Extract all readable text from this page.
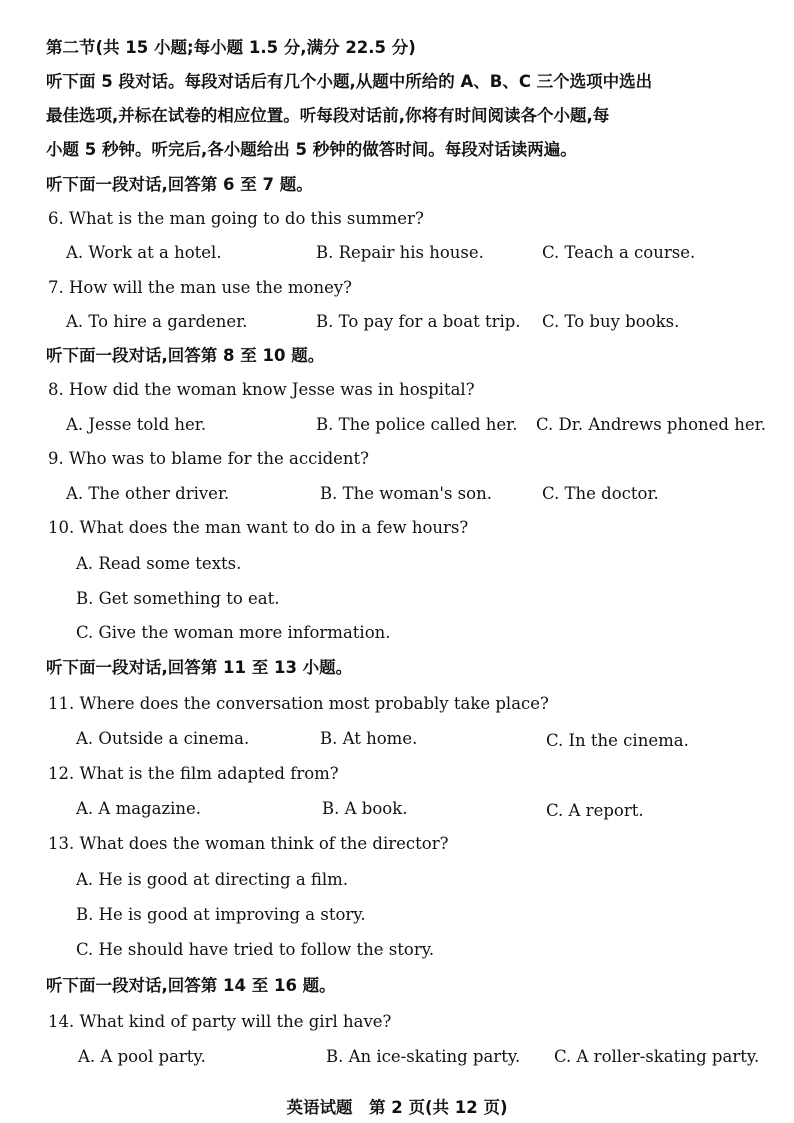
第二节(共 15 小题;每小题 1.5 分,满分 22.5 分)
听下面 5 段对话。每段对话后有几个小题,从题中所给的 A、B、C 三个选项中选出
最佳选项,并标在试卷的相应位置。听每段对话前,你将有时间阅读各个小题,每
小题 5 秒钟。听完后,各小题给出 5 秒钟的做答时间。每段对话读两遍。
听下面一段对话,回答第 6 至 7 题。
6. What is the man going to do this summer?
A. Work at a hotel.	B. Repair his house.	C. Teach a course.
7. How will the man use the money?
A. To hire a gardener.	B. To pay for a boat trip. C. To buy books.
听下面一段对话,回答第 8 至 10 题。
8. How did the woman know Jesse was in hospital?
A. Jesse told her.	B. The police called her. C. Dr. Andrews phoned her.
9. Who was to blame for the accident?
A. The other driver.	B. The woman's son.	C. The doctor.
10. What does the man want to do in a few hours?
A. Read some texts.
B. Get something to eat.
C. Give the woman more information.
听下面一段对话,回答第 11 至 13 小题。
11. Where does the conversation most probably take place?
A. Outside a cinema.	B. At home.	C. In the cinema.
12. What is the film adapted from?
A. A magazine.	B. A book.	C. A report.
13. What does the woman think of the director?
A. He is good at directing a film.
B. He is good at improving a story.
C. He should have tried to follow the story.
听下面一段对话,回答第 14 至 16 题。
14. What kind of party will the girl have?
A. A pool party.	B. An ice-skating party. C. A roller-skating party.
英语试题　第 2 页(共 12 页)
